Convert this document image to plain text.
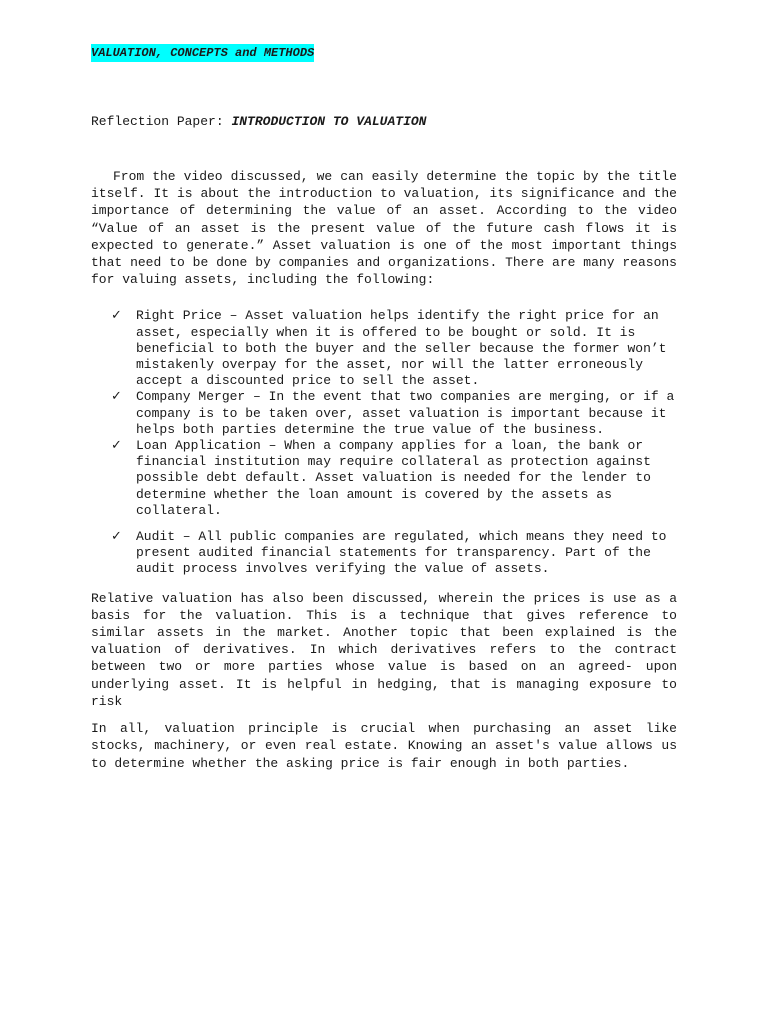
VALUATION, CONCEPTS and METHODS
Reflection Paper: INTRODUCTION TO VALUATION

From the video discussed, we can easily determine the topic by the title itself. It is about the introduction to valuation, its significance and the importance of determining the value of an asset. According to the video “Value of an asset is the present value of the future cash flows it is expected to generate.” Asset valuation is one of the most important things that need to be done by companies and organizations. There are many reasons for valuing assets, including the following:

✓ Right Price – Asset valuation helps identify the right price for an asset, especially when it is offered to be bought or sold. It is beneficial to both the buyer and the seller because the former won’t mistakenly overpay for the asset, nor will the latter erroneously accept a discounted price to sell the asset.
✓ Company Merger – In the event that two companies are merging, or if a company is to be taken over, asset valuation is important because it helps both parties determine the true value of the business.
✓ Loan Application – When a company applies for a loan, the bank or financial institution may require collateral as protection against possible debt default. Asset valuation is needed for the lender to determine whether the loan amount is covered by the assets as collateral.
✓ Audit – All public companies are regulated, which means they need to present audited financial statements for transparency. Part of the audit process involves verifying the value of assets.

Relative valuation has also been discussed, wherein the prices is use as a basis for the valuation. This is a technique that gives reference to similar assets in the market. Another topic that been explained is the valuation of derivatives. In which derivatives refers to the contract between two or more parties whose value is based on an agreed- upon underlying asset. It is helpful in hedging, that is managing exposure to risk

In all, valuation principle is crucial when purchasing an asset like stocks, machinery, or even real estate. Knowing an asset's value allows us to determine whether the asking price is fair enough in both parties.
